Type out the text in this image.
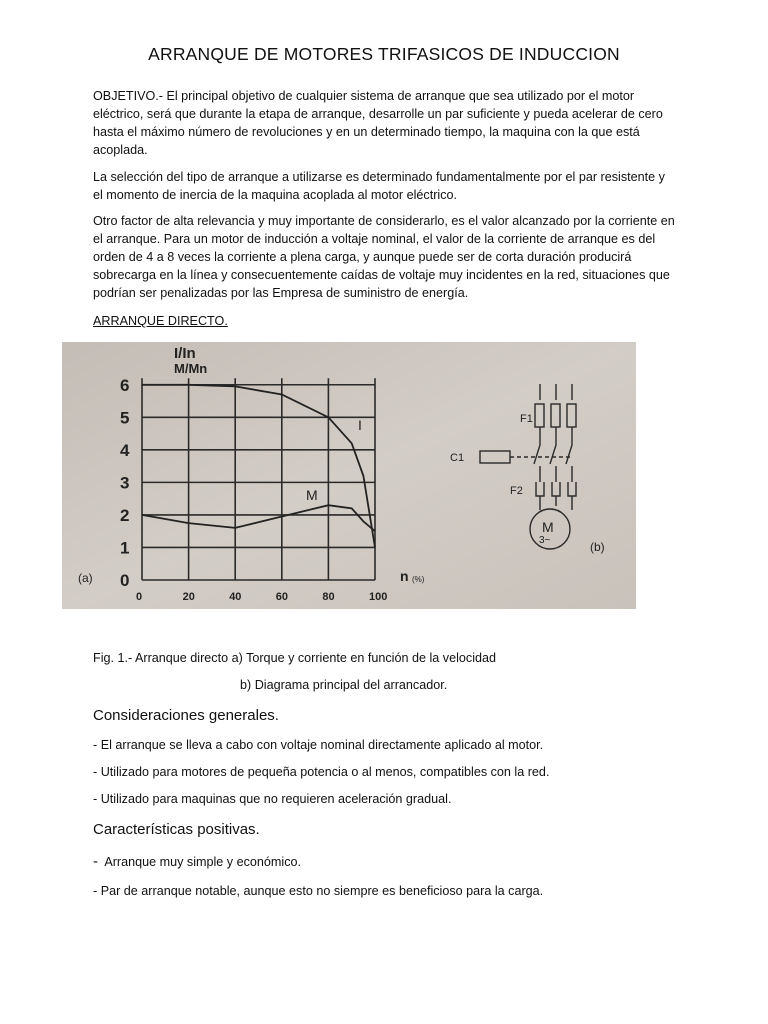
ARRANQUE DE MOTORES TRIFASICOS DE INDUCCION
OBJETIVO.- El principal objetivo de cualquier sistema de arranque que sea utilizado por el motor eléctrico, será que durante la etapa de arranque, desarrolle un par suficiente y pueda acelerar de cero hasta el máximo número de revoluciones y en un determinado tiempo, la maquina con la que está acoplada.
La selección del tipo de arranque a utilizarse es determinado fundamentalmente por el par resistente y el momento de inercia de la maquina acoplada al motor eléctrico.
Otro factor de alta relevancia y muy importante de considerarlo, es el valor alcanzado por la corriente en el arranque. Para un motor de inducción a voltaje nominal, el valor de la corriente de arranque es del orden de 4 a 8 veces la corriente a plena carga, y aunque puede ser de corta duración producirá sobrecarga en la línea y consecuentemente caídas de voltaje muy incidentes en la red, situaciones que podrían ser penalizadas por las Empresa de suministro de energía.
ARRANQUE DIRECTO.
I/In
M/Mn
6
5
4
3
2
1
0
0	20	40	60	80	100
n (%)
(a)
I
M
F1
C1
F2
M
3~	(b)
Fig. 1.- Arranque directo a) Torque y corriente en función de la velocidad
b) Diagrama principal del arrancador.
Consideraciones generales.
- El arranque se lleva a cabo con voltaje nominal directamente aplicado al motor.
- Utilizado para motores de pequeña potencia o al menos, compatibles con la red.
- Utilizado para maquinas que no requieren aceleración gradual.
Características positivas.
- Arranque muy simple y económico.
- Par de arranque notable, aunque esto no siempre es beneficioso para la carga.
